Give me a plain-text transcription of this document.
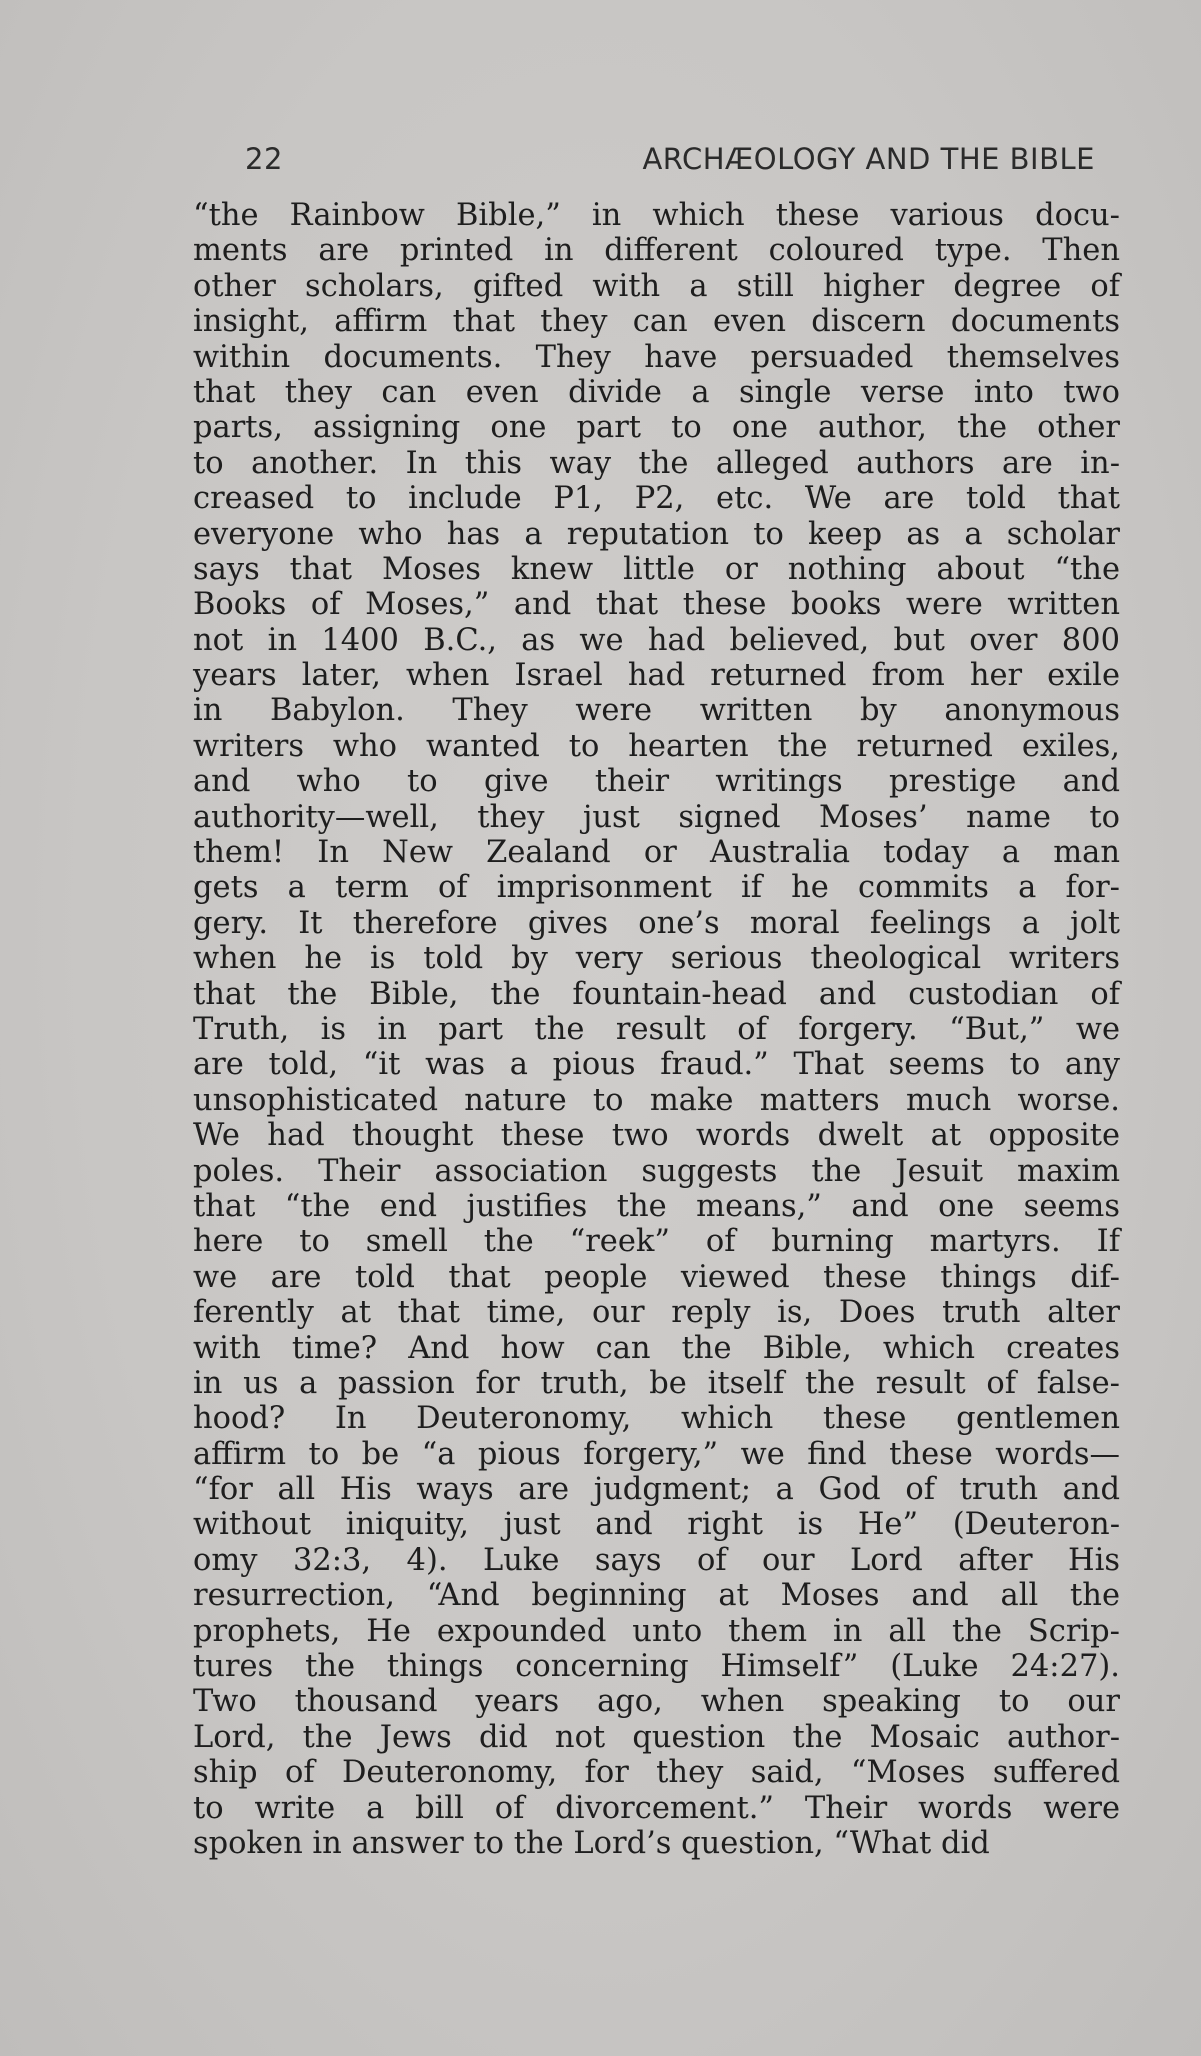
22	ARCHÆOLOGY AND THE BIBLE
“the Rainbow Bible,” in which these various docu-
ments are printed in different coloured type. Then
other scholars, gifted with a still higher degree of
insight, affirm that they can even discern documents
within documents. They have persuaded themselves
that they can even divide a single verse into two
parts, assigning one part to one author, the other
to another. In this way the alleged authors are in-
creased to include P1, P2, etc. We are told that
everyone who has a reputation to keep as a scholar
says that Moses knew little or nothing about “the
Books of Moses,” and that these books were written
not in 1400 B.C., as we had believed, but over 800
years later, when Israel had returned from her exile
in Babylon. They were written by anonymous
writers who wanted to hearten the returned exiles,
and who to give their writings prestige and
authority—well, they just signed Moses’ name to
them! In New Zealand or Australia today a man
gets a term of imprisonment if he commits a for-
gery. It therefore gives one’s moral feelings a jolt
when he is told by very serious theological writers
that the Bible, the fountain-head and custodian of
Truth, is in part the result of forgery. “But,” we
are told, “it was a pious fraud.” That seems to any
unsophisticated nature to make matters much worse.
We had thought these two words dwelt at opposite
poles. Their association suggests the Jesuit maxim
that “the end justifies the means,” and one seems
here to smell the “reek” of burning martyrs. If
we are told that people viewed these things dif-
ferently at that time, our reply is, Does truth alter
with time? And how can the Bible, which creates
in us a passion for truth, be itself the result of false-
hood? In Deuteronomy, which these gentlemen
affirm to be “a pious forgery,” we find these words—
“for all His ways are judgment; a God of truth and
without iniquity, just and right is He” (Deuteron-
omy 32:3, 4). Luke says of our Lord after His
resurrection, “And beginning at Moses and all the
prophets, He expounded unto them in all the Scrip-
tures the things concerning Himself” (Luke 24:27).
Two thousand years ago, when speaking to our
Lord, the Jews did not question the Mosaic author-
ship of Deuteronomy, for they said, “Moses suffered
to write a bill of divorcement.” Their words were
spoken in answer to the Lord’s question, “What did
